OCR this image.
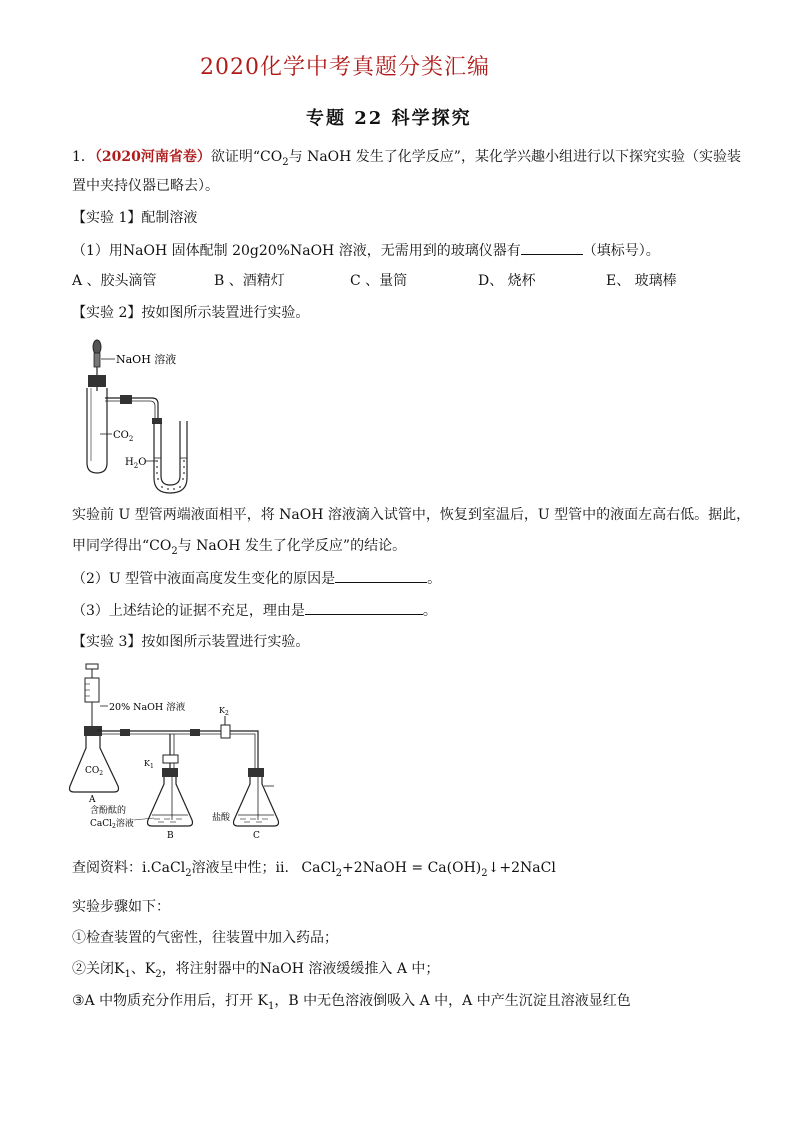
2020化学中考真题分类汇编
专题 22 科学探究
1．（2020河南省卷）欲证明“$CO_2$与 NaOH 发生了化学反应”，某化学兴趣小组进行以下探究实验（实验装
置中夹持仪器已略去）。
【实验 1】配制溶液
（1）用NaOH 固体配制 20g20%NaOH 溶液，无需用到的玻璃仪器有	（填标号）。
A 、胶头滴管	B 、酒精灯	C 、量筒	D、 烧杯	E、 玻璃棒
【实验 2】按如图所示装置进行实验。
NaOH 溶液
$CO_2$
$H_2O$
实验前 U 型管两端液面相平，将 NaOH 溶液滴入试管中，恢复到室温后，U 型管中的液面左高右低。据此，
甲同学得出“$CO_2$与 NaOH 发生了化学反应”的结论。
（2）U 型管中液面高度发生变化的原因是	。
（3）上述结论的证据不充足，理由是	。
【实验 3】按如图所示装置进行实验。
20% NaOH 溶液
$CO_2$
A
$K_2$
$K_1$
B
含酚酞的
CaCl$_2$溶液
盐酸
C
查阅资料：i.CaCl$_2$溶液呈中性；ii. CaCl$_2$+2NaOH = $Ca(OH)_2↓+2NaCl$
实验步骤如下：
①检查装置的气密性，往装置中加入药品；
②关闭$K_1$、$K_2$，将注射器中的NaOH 溶液缓缓推入 A 中；
③A 中物质充分作用后，打开 $K_1$，B 中无色溶液倒吸入 A 中，A 中产生沉淀且溶液显红色
